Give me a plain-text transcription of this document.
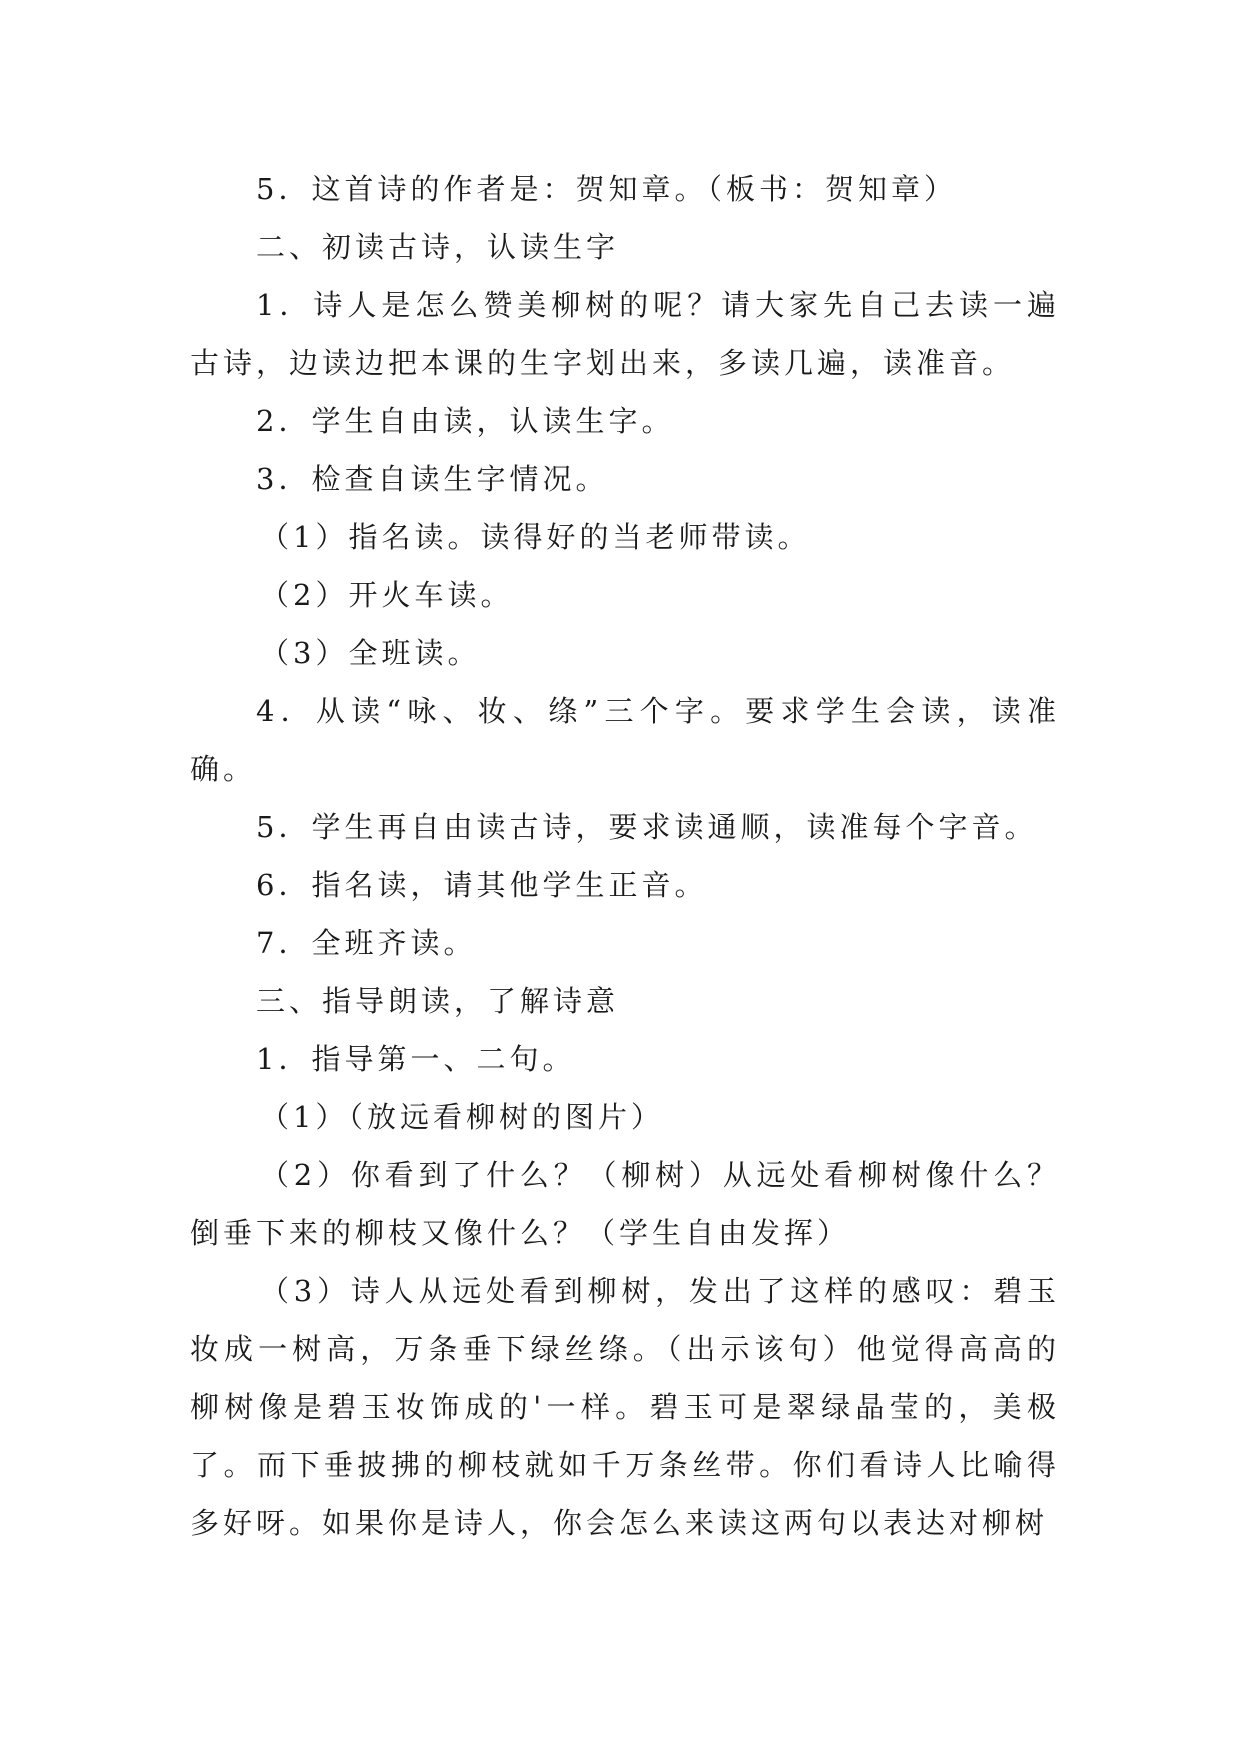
5．这首诗的作者是：贺知章。（板书：贺知章）

二、初读古诗，认读生字

1．诗人是怎么赞美柳树的呢？请大家先自己去读一遍古诗，边读边把本课的生字划出来，多读几遍，读准音。

2．学生自由读，认读生字。

3．检查自读生字情况。

（1）指名读。读得好的当老师带读。

（2）开火车读。

（3）全班读。

4．从读“咏、妆、绦”三个字。要求学生会读，读准确。

5．学生再自由读古诗，要求读通顺，读准每个字音。

6．指名读，请其他学生正音。

7．全班齐读。

三、指导朗读，了解诗意

1．指导第一、二句。

（1）（放远看柳树的图片）

（2）你看到了什么？（柳树）从远处看柳树像什么？倒垂下来的柳枝又像什么？（学生自由发挥）

（3）诗人从远处看到柳树，发出了这样的感叹：碧玉妆成一树高，万条垂下绿丝绦。（出示该句）他觉得高高的柳树像是碧玉妆饰成的'一样。碧玉可是翠绿晶莹的，美极了。而下垂披拂的柳枝就如千万条丝带。你们看诗人比喻得多好呀。如果你是诗人，你会怎么来读这两句以表达对柳树
